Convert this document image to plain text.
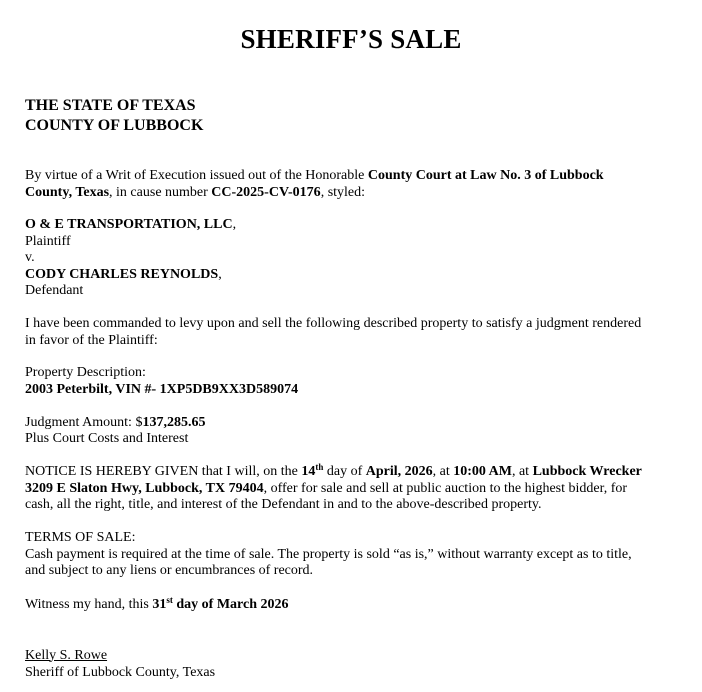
SHERIFF’S SALE
THE STATE OF TEXAS
COUNTY OF LUBBOCK
By virtue of a Writ of Execution issued out of the Honorable County Court at Law No. 3 of Lubbock
County, Texas, in cause number CC-2025-CV-0176, styled:
O & E TRANSPORTATION, LLC,
Plaintiff
v.
CODY CHARLES REYNOLDS,
Defendant
I have been commanded to levy upon and sell the following described property to satisfy a judgment rendered
in favor of the Plaintiff:
Property Description:
2003 Peterbilt, VIN #- 1XP5DB9XX3D589074
Judgment Amount: $137,285.65
Plus Court Costs and Interest
NOTICE IS HEREBY GIVEN that I will, on the 14th day of April, 2026, at 10:00 AM, at Lubbock Wrecker
3209 E Slaton Hwy, Lubbock, TX 79404, offer for sale and sell at public auction to the highest bidder, for
cash, all the right, title, and interest of the Defendant in and to the above-described property.
TERMS OF SALE:
Cash payment is required at the time of sale. The property is sold “as is,” without warranty except as to title,
and subject to any liens or encumbrances of record.
Witness my hand, this 31st day of March 2026
Kelly S. Rowe
Sheriff of Lubbock County, Texas
